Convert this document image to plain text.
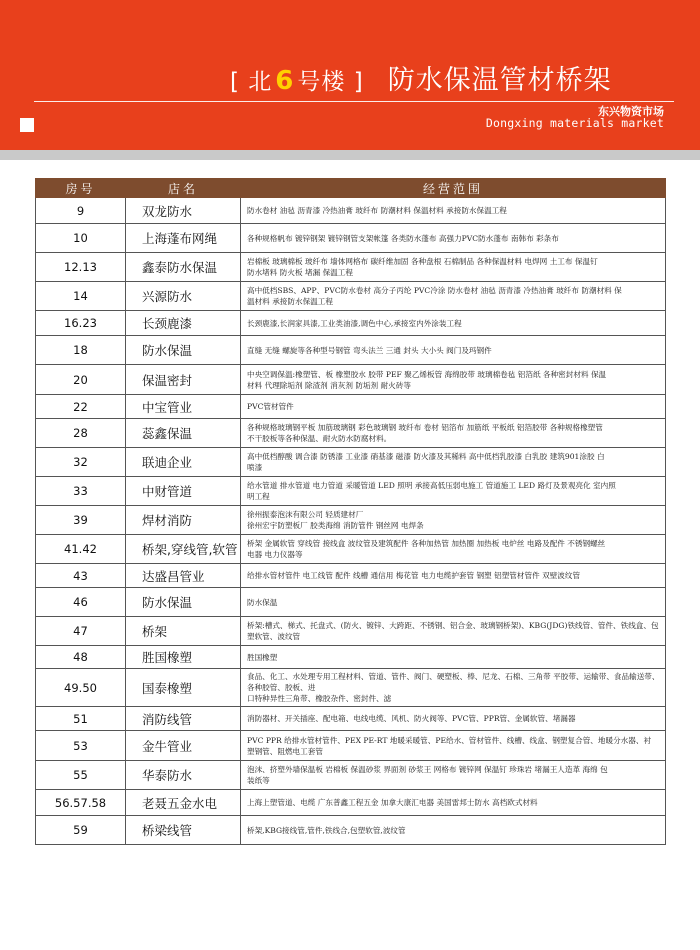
[ 北 6 号楼 ] 防水保温管材桥架
东兴物资市场
Dongxing materials market
房号	店名	经营范围
9	双龙防水	防水卷材 油毡 沥青漆 冷热油膏 玻纤布 防潮材料 保温材料 承接防水保温工程

10	上海蓬布网绳	各种规格帆布 镀锌钢架 镀锌钢管支架帐篷 各类防水蓬布 高强力PVC防水蓬布 南韩布 彩条布

12.13	鑫泰防水保温	岩棉板 玻璃棉板 玻纤布 墙体网格布 碳纤维加固 各种盘根 石棉制品 各种保温材料 电焊网 土工布 保温钉
防水堵料 防火板 堵漏 保温工程

14	兴源防水	高中低档SBS、APP、PVC防水卷材 高分子丙纶 PVC冷涂 防水卷材 油毡 沥青漆 冷热油膏 玻纤布 防潮材料 保
温材料 承接防水保温工程

16.23	长颈鹿漆	长颈鹿漆,长润家具漆,工业类油漆,调色中心,承接室内外涂装工程

18	防水保温	直缝 无缝 螺旋等各种型号钢管 弯头法兰 三通 封头 大小头 阀门及玛钢件

20	保温密封	中央空调保温:橡塑管、板 橡塑胶水 胶带 PEF 聚乙烯板管 海绵胶带 玻璃棉卷毡 铝箔纸 各种密封材料 保温
材料 代理除垢剂 除渣剂 消灰剂 防垢剂 耐火砖等

22	中宝管业	PVC管材管件

28	蕊鑫保温	各种规格玻璃钢平板 加筋玻璃钢 彩色玻璃钢 玻纤布 卷材 铝箔布 加筋纸 平板纸 铝箔胶带 各种规格橡塑管
不干胶板等各种保温、耐火防水防腐材料。

32	联迪企业	高中低档醇酸 调合漆 防锈漆 工业漆 硝基漆 磁漆 防火漆及其稀料 高中低档乳胶漆 白乳胶 建筑901涂胶 白
喷漆

33	中财管道	给水管道 排水管道 电力管道 采暖管道 LED 照明 承接高低压弱电施工 管道施工 LED 路灯及景观亮化 室内照
明工程

39	焊材消防	徐州振泰泡沫有限公司 轻质建材厂
徐州宏宇防塑板厂 胶类海绵 消防管件 钢丝网 电焊条

41.42	桥架,穿线管,软管	桥架 金属软管 穿线管 接线盒 波纹管及建筑配件 各种加热管 加热圈 加热板 电炉丝 电路及配件 不锈钢螺丝
电器 电力仪器等

43	达盛昌管业	给排水管材管件 电工线管 配件 线槽 通信用 梅花管 电力电缆护套管 钢塑 铝塑管材管件 双壁波纹管

46	防水保温	防水保温

47	桥架	桥架:槽式、梯式、托盘式、(防火、镀锌、大跨距、不锈钢、铝合金、玻璃钢桥架)、KBG(JDG)铁线管、管件、铁线盒、包
塑软管、波纹管

48	胜国橡塑	胜国橡塑

49.50	国泰橡塑	食品、化工、水处理专用工程材料、管道、管件、阀门、硬塑板、棒、尼龙、石棉、三角带 平胶带、运输带、食品输送带、各种胶管、胶板、进
口特种异性三角带、橡胶杂件、密封件、滤

51	消防线管	消防器材、开关插座、配电箱、电线电缆、风机、防火阀等、PVC管、PPR管、金属软管、堵漏器

53	金牛管业	PVC PPR 给排水管材管件、PEX PE-RT 地暖采暖管、PE给水、管材管件、线槽、线盒、钢塑复合管、地暖分水器、衬
塑钢管、阻燃电工套管

55	华泰防水	泡沫、挤塑外墙保温板 岩棉板 保温砂浆 界面剂 砂浆王 网格布 镀锌网 保温钉 珍珠岩 堵漏王人造革 海绵 包
装纸等

56.57.58	老聂五金水电	上海上塑管道、电缆 广东普鑫工程五金 加拿大康汇电器 美国雷邦士防水 高档欧式材料

59	桥梁线管	桥架,KBG接线管,管件,铁线合,包塑软管,波纹管
